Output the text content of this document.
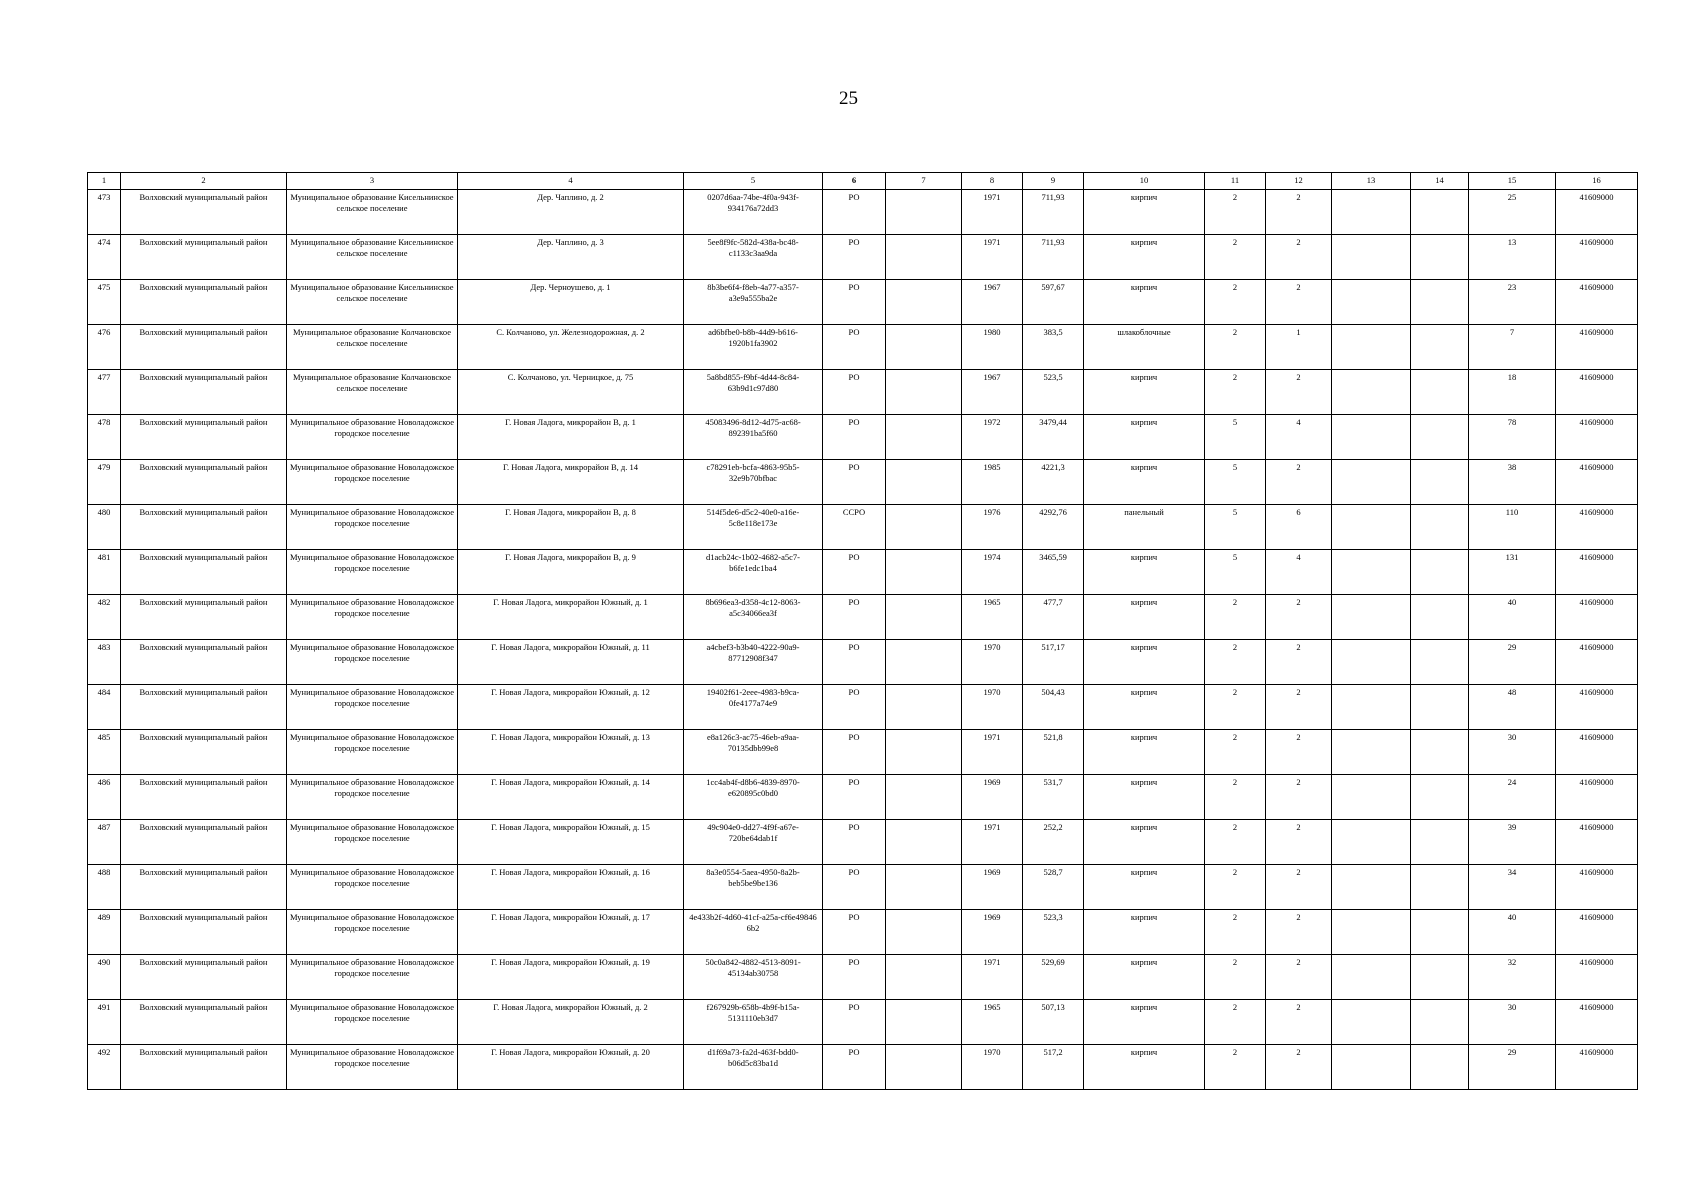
25
1	2	3	4	5	6	7	8	9	10	11	12	13	14	15	16
473	Волховский муниципальный район	Муниципальное образование Кисельнинское сельское поселение	Дер. Чаплино, д. 2	0207d6aa-74be-4f0a-943f-934176a72dd3	РО		1971	711,93	кирпич	2	2			25	41609000
474	Волховский муниципальный район	Муниципальное образование Кисельнинское сельское поселение	Дер. Чаплино, д. 3	5ee8f9fc-582d-438a-bc48-c1133c3aa9da	РО		1971	711,93	кирпич	2	2			13	41609000
475	Волховский муниципальный район	Муниципальное образование Кисельнинское сельское поселение	Дер. Черноушево, д. 1	8b3be6f4-f8eb-4a77-a357-a3e9a555ba2e	РО		1967	597,67	кирпич	2	2			23	41609000
476	Волховский муниципальный район	Муниципальное образование Колчановское сельское поселение	С. Колчаново, ул. Железнодорожная, д. 2	ad6bfbe0-b8b-44d9-b616-1920b1fa3902	РО		1980	383,5	шлакоблочные	2	1			7	41609000
477	Волховский муниципальный район	Муниципальное образование Колчановское сельское поселение	С. Колчаново, ул. Черницкое, д. 75	5a8bd855-f9bf-4d44-8c84-63b9d1c97d80	РО		1967	523,5	кирпич	2	2			18	41609000
478	Волховский муниципальный район	Муниципальное образование Новоладожское городское поселение	Г. Новая Ладога, микрорайон В, д. 1	45083496-8d12-4d75-ac68-892391ba5f60	РО		1972	3479,44	кирпич	5	4			78	41609000
479	Волховский муниципальный район	Муниципальное образование Новоладожское городское поселение	Г. Новая Ладога, микрорайон В, д. 14	c78291eb-bcfa-4863-95b5-32e9b70bfbac	РО		1985	4221,3	кирпич	5	2			38	41609000
480	Волховский муниципальный район	Муниципальное образование Новоладожское городское поселение	Г. Новая Ладога, микрорайон В, д. 8	514f5de6-d5c2-40e0-a16e-5c8e118e173e	ССРО		1976	4292,76	панельный	5	6			110	41609000
481	Волховский муниципальный район	Муниципальное образование Новоладожское городское поселение	Г. Новая Ладога, микрорайон В, д. 9	d1acb24c-1b02-4682-a5c7-b6fe1edc1ba4	РО		1974	3465,59	кирпич	5	4			131	41609000
482	Волховский муниципальный район	Муниципальное образование Новоладожское городское поселение	Г. Новая Ладога, микрорайон Южный, д. 1	8b696ea3-d358-4c12-8063-a5c34066ea3f	РО		1965	477,7	кирпич	2	2			40	41609000
483	Волховский муниципальный район	Муниципальное образование Новоладожское городское поселение	Г. Новая Ладога, микрорайон Южный, д. 11	a4cbef3-b3b40-4222-90a9-87712908f347	РО		1970	517,17	кирпич	2	2			29	41609000
484	Волховский муниципальный район	Муниципальное образование Новоладожское городское поселение	Г. Новая Ладога, микрорайон Южный, д. 12	19402f61-2eee-4983-b9ca-0fe4177a74e9	РО		1970	504,43	кирпич	2	2			48	41609000
485	Волховский муниципальный район	Муниципальное образование Новоладожское городское поселение	Г. Новая Ладога, микрорайон Южный, д. 13	e8a126c3-ac75-46eb-a9aa-70135dbb99e8	РО		1971	521,8	кирпич	2	2			30	41609000
486	Волховский муниципальный район	Муниципальное образование Новоладожское городское поселение	Г. Новая Ладога, микрорайон Южный, д. 14	1cc4ab4f-d8b6-4839-8970-e620895c0bd0	РО		1969	531,7	кирпич	2	2			24	41609000
487	Волховский муниципальный район	Муниципальное образование Новоладожское городское поселение	Г. Новая Ладога, микрорайон Южный, д. 15	49c904e0-dd27-4f9f-a67e-720be64dab1f	РО		1971	252,2	кирпич	2	2			39	41609000
488	Волховский муниципальный район	Муниципальное образование Новоладожское городское поселение	Г. Новая Ладога, микрорайон Южный, д. 16	8a3e0554-5aea-4950-8a2b-beb5be9be136	РО		1969	528,7	кирпич	2	2			34	41609000
489	Волховский муниципальный район	Муниципальное образование Новоладожское городское поселение	Г. Новая Ладога, микрорайон Южный, д. 17	4e433b2f-4d60-41cf-a25a-cf6e49846 6b2	РО		1969	523,3	кирпич	2	2			40	41609000
490	Волховский муниципальный район	Муниципальное образование Новоладожское городское поселение	Г. Новая Ладога, микрорайон Южный, д. 19	50c0a842-4882-4513-8091-45134ab30758	РО		1971	529,69	кирпич	2	2			32	41609000
491	Волховский муниципальный район	Муниципальное образование Новоладожское городское поселение	Г. Новая Ладога, микрорайон Южный, д. 2	f267929b-658b-4b9f-b15a-5131110eb3d7	РО		1965	507,13	кирпич	2	2			30	41609000
492	Волховский муниципальный район	Муниципальное образование Новоладожское городское поселение	Г. Новая Ладога, микрорайон Южный, д. 20	d1f69a73-fa2d-463f-bdd0-b06d5c83ba1d	РО		1970	517,2	кирпич	2	2			29	41609000
